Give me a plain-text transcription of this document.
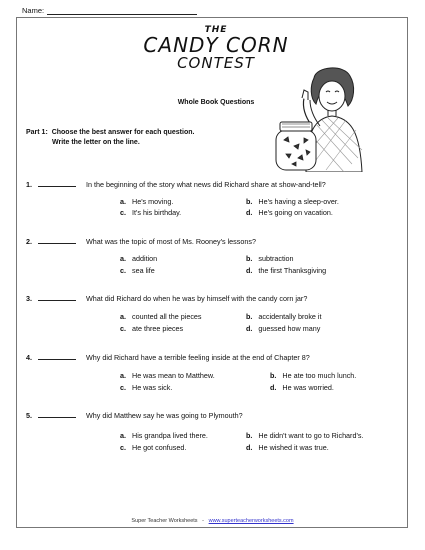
Name:
THE
CANDY CORN
CONTEST
Whole Book Questions
Part 1: Choose the best answer for each question.
Write the letter on the line.
1.	In the beginning of the story what news did Richard share at show-and-tell?
a. He's moving.	b. He's having a sleep-over.
c. It's his birthday.	d. He's going on vacation.
2.	What was the topic of most of Ms. Rooney's lessons?
a. addition	b. subtraction
c. sea life	d. the first Thanksgiving
3.	What did Richard do when he was by himself with the candy corn jar?
a. counted all the pieces	b. accidentally broke it
c. ate three pieces	d. guessed how many
4.	Why did Richard have a terrible feeling inside at the end of Chapter 8?
a. He was mean to Matthew.	b. He ate too much lunch.
c. He was sick.	d. He was worried.
5.	Why did Matthew say he was going to Plymouth?
a. His grandpa lived there.	b. He didn't want to go to Richard's.
c. He got confused.	d. He wished it was true.
Super Teacher Worksheets - www.superteacherworksheets.com
